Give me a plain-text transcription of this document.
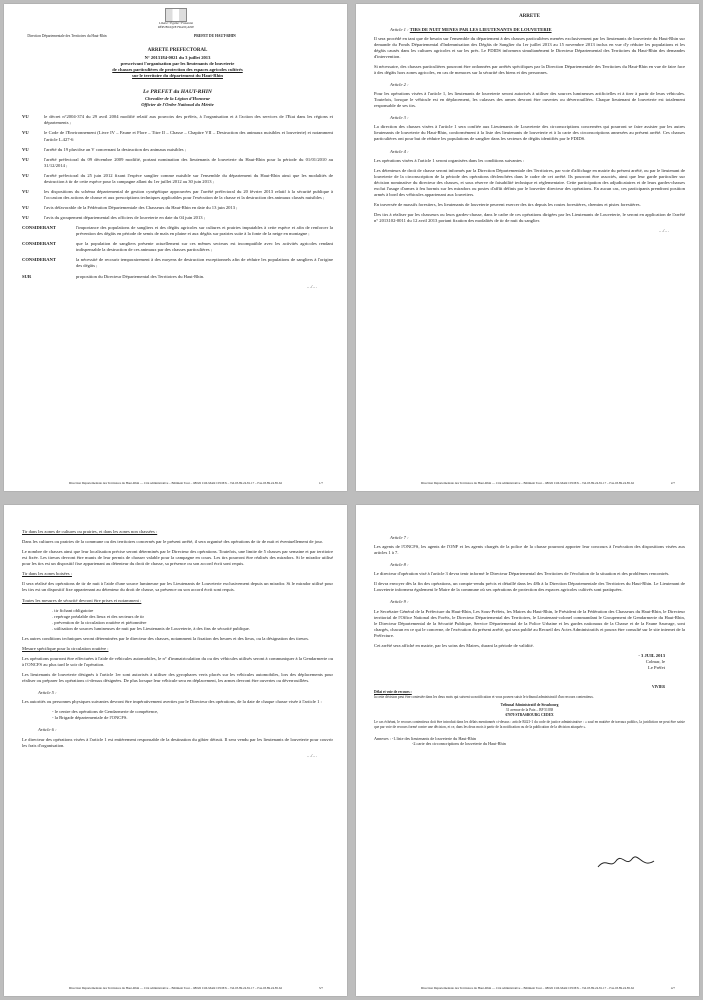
Liberté • Égalité • Fraternité
RÉPUBLIQUE FRANÇAISE
PREFET DU HAUT-RHIN
Direction Départementale des Territoires du Haut-Rhin
ARRETE PREFECTORAL
N° 2013184-0021 du 3 juillet 2013
prescrivant l'organisation par les lieutenants de louveterie
de chasses particulières de protection des espaces agricoles cultivés
sur le territoire du département du Haut-Rhin
Le PREFET du HAUT-RHIN
Chevalier de la Légion d'Honneur
Officier de l'Ordre National du Mérite
VU	le décret n°2004-374 du 29 avril 2004 modifié relatif aux pouvoirs des préfets, à l'organisation et à l'action des services de l'Etat dans les régions et départements ;
VU	le Code de l'Environnement (Livre IV – Faune et Flore – Titre II – Chasse – Chapitre VII – Destruction des animaux nuisibles et louveterie) et notamment l'article L.427-6
VU	l'arrêté du 19 pluviôse an V concernant la destruction des animaux nuisibles ;
VU	l'arrêté préfectoral du 09 décembre 2009 modifié, portant nomination des lieutenants de louveterie du Haut-Rhin pour la période du 01/01/2010 au 31/12/2014 ;
VU	l'arrêté préfectoral du 25 juin 2012 fixant l'espèce sanglier comme nuisible sur l'ensemble du département du Haut-Rhin ainsi que les modalités de destruction à tir de cette espèce pour la campagne allant du 1er juillet 2012 au 30 juin 2013 ;
VU	les dispositions du schéma départemental de gestion cynégétique approuvées par l'arrêté préfectoral du 20 février 2013 relatif à la sécurité publique à l'occasion des actions de chasse et aux prescriptions techniques applicables pour l'exécution de la chasse et la destruction des animaux classés nuisibles ;
VU	l'avis défavorable de la Fédération Départementale des Chasseurs du Haut-Rhin en date du 13 juin 2013 ;
VU	l'avis du groupement départemental des officiers de louveterie en date du 04 juin 2013 ;
CONSIDERANT	l'importance des populations de sangliers et des dégâts agricoles sur cultures et prairies imputables à cette espèce et afin de renforcer la prévention des dégâts en période de semis de maïs en plaine et aux dégâts sur prairies suite à la fonte de la neige en montagne ;
CONSIDERANT	que la population de sangliers présente actuellement sur ces mêmes secteurs est incompatible avec les activités agricoles rendant indispensable la destruction de ces animaux par des chasses particulières ;
CONSIDERANT	la nécessité de recourir temporairement à des moyens de destruction exceptionnels afin de réduire les populations de sangliers à l'origine des dégâts ;
SUR	proposition du Directeur Départemental des Territoires du Haut-Rhin.
…/…
Direction Départementale des Territoires du Haut-Rhin — Cité administrative – Bâtiment Tour – 68026 COLMAR CEDEX – Tél.03.89.24.81.17 – Fax.03.89.24.85.62	1/7
ARRETE
Article 1 : TIRS DE NUIT MENES PAR LES LIEUTENANTS DE LOUVETERIE

Il sera procédé en tant que de besoin sur l'ensemble du département à des chasses particulières menées exclusivement par les lieutenants de louveterie du Haut-Rhin sur demande du Fonds Départemental d'Indemnisation des Dégâts de Sanglier du 1er juillet 2013 au 15 novembre 2013 inclus en vue d'y réduire les populations et les dégâts causés dans les cultures agricoles et sur les prés. Le FDIDS informera simultanément le Directeur Départemental des Territoires du Haut-Rhin des demandes d'intervention.

Si nécessaire, des chasses particulières pourront être ordonnées par arrêtés spécifiques par la Direction Départementale des Territoires du Haut-Rhin en vue de faire face à des dégâts hors zones agricoles, en cas de menaces sur la sécurité des biens et des personnes.

Article 2 :

Pour les opérations visées à l'article 1, les lieutenants de louveterie seront autorisés à utiliser des sources lumineuses artificielles et à tirer à partir de leurs véhicules. Toutefois, lorsque le véhicule est en déplacement, les culasses des armes devront être ouvertes ou déverrouillées. Chaque lieutenant de louveterie est totalement responsable de ses tirs.

Article 3 :

La direction des chasses visées à l'article 1 sera confiée aux Lieutenants de Louveterie des circonscriptions concernées qui pourront se faire assister par les autres lieutenants de louveterie du Haut-Rhin, conformément à la liste des lieutenants de louveterie et à la carte des circonscriptions annexées au présent arrêté. Ces chasses particulières ont pour but de réduire les populations de sanglier dans les secteurs de dégâts identifiés par le FDIDS.

Article 4 :

Les opérations visées à l'article 1 seront organisées dans les conditions suivantes :

Les détenteurs de droit de chasse seront informés par la Direction Départementale des Territoires, par voie d'affichage en mairie du présent arrêté, ou par le lieutenant de louveterie de la circonscription de la période des opérations déclenchées dans le cadre de cet arrêté. Ils pourront être associés, ainsi que leur garde particulier sur décision nominative du directeur des chasses, et sous réserve de faisabilité technique et réglementaire. Cette participation des adjudicataires et de leurs gardes-chasses exclut l'usage d'armes à feu hormis sur les miradors ou postes d'affût définis par le louvetier directeur des opérations. En aucun cas, ces participants prendront position armés à bord des véhicules appartenant aux louvetiers.

En traversée de massifs forestiers, les lieutenants de louveterie peuvent exercer des tirs depuis les routes forestières, chemins et pistes forestières.

Des tirs à réaliser par les chasseurs ou leurs gardes-chasse, dans le cadre de ces opérations dirigées par les Lieutenants de Louveterie, le seront en application de l'arrêté n° 2013102-0011 du 12 avril 2013 portant fixation des modalités de tir de nuit du sanglier.

…/…
Direction Départementale des Territoires du Haut-Rhin — Cité administrative – Bâtiment Tour – 68026 COLMAR CEDEX – Tél.03.89.24.81.17 – Fax.03.89.24.85.62	2/7

Tir dans les zones de cultures ou prairies, et dans les zones non chassées :

Dans les cultures ou prairies de la commune ou des territoires concernés par le présent arrêté, il sera organisé des opérations de tir de nuit et éventuellement de jour.

Le nombre de chasses ainsi que leur localisation précise seront déterminés par le Directeur des opérations. Toutefois, une limite de 5 chasses par semaine et par territoire est fixée. Les tireurs devront être munis de leur permis de chasser valable pour la campagne en cours. Les tirs pourront être réalisés des miradors. Si le mirador utilisé pour les tirs est un dispositif fixe appartenant au détenteur du droit de chasse, sa présence ou son accord écrit sont requis.

Tir dans les zones boisées :

Il sera réalisé des opérations de tir de nuit à l'aide d'une source lumineuse par les Lieutenants de Louveterie exclusivement depuis un mirador. Si le mirador utilisé pour les tirs est un dispositif fixe appartenant au détenteur du droit de chasse, sa présence ou son accord écrit sont requis.

Toutes les mesures de sécurité devront être prises et notamment :

. tir fichant obligatoire
. repérage préalable des lieux et des secteurs de tir
. prévention de la circulation routière et piétonnière
. utilisation de sources lumineuses de nuit par les Lieutenants de Louveterie, à des fins de sécurité publique.

Les autres conditions techniques seront déterminées par le directeur des chasses, notamment la fixation des heures et des lieux, ou la désignation des tireurs.

Mesure spécifique pour la circulation routière :

Les opérations pourront être effectuées à l'aide de véhicules automobiles, le n° d'immatriculation du ou des véhicules utilisés seront à communiquer à la Gendarmerie ou à l'ONCFS au plus tard le soir de l'opération.

Les lieutenants de louveterie désignés à l'article 1er sont autorisés à utiliser des gyrophares verts placés sur les véhicules automobiles, lors des déplacements pour réaliser ou préparer les opérations ci-dessus désignées. De plus lorsque leur véhicule sera en déplacement, les armes devront être ouvertes ou déverrouillées.

Article 5 :

Les autorités ou personnes physiques suivantes devront être impérativement averties par le Directeur des opérations, de la date de chaque chasse visée à l'article 1 :

- le centre des opérations de Gendarmerie de compétence,
- la Brigade départementale de l'ONCFS.
Article 6 :

Le directeur des opérations visées à l'article 1 est entièrement responsable de la destination du gibier détruit. Il sera vendu par les lieutenants de louveterie pour couvrir les frais d'organisation.

…/…
Direction Départementale des Territoires du Haut-Rhin — Cité administrative – Bâtiment Tour – 68026 COLMAR CEDEX – Tél.03.89.24.81.17 – Fax.03.89.24.85.62	3/7
Article 7 :

Les agents de l'ONCFS, les agents de l'ONF et les agents chargés de la police de la chasse pourront apporter leur concours à l'exécution des dispositions visées aux articles 1 à 7.

Article 8 :

Le directeur d'opération visé à l'article 3 devra tenir informé le Directeur Départemental des Territoires de l'évolution de la situation et des problèmes rencontrés.

Il devra envoyer dès la fin des opérations, un compte-rendu précis et détaillé dans les 48h à la Direction Départementale des Territoires du Haut-Rhin. Le Lieutenant de Louveterie informera également le Maire de la commune où ses opérations de protection des espaces agricoles cultivés sont pratiquées.

Article 9 :

Le Secrétaire Général de la Préfecture du Haut-Rhin, Les Sous-Préfets, les Maires du Haut-Rhin, le Président de la Fédération des Chasseurs du Haut-Rhin, le Directeur territorial de l'Office National des Forêts, le Directeur Départemental des Territoires, le Lieutenant-colonel commandant le Groupement de Gendarmerie du Haut-Rhin, le Directeur Départemental de la Sécurité Publique, Service Départemental de la Police Urbaine et les gardes nationaux de la Chasse et de la Faune Sauvage, sont chargés, chacun en ce qui le concerne, de l'exécution du présent arrêté, qui sera publié au Recueil des Actes Administratifs et pourra être consulté sur le site internet de la Préfecture.

Cet arrêté sera affiché en mairie, par les soins des Maires, durant la période de validité.

- 3 JUIL 2013
Colmar, le
Le Préfet
VIVIER
Délai et voie de recours :

la cette décision peut être contestée dans les deux mois qui suivent sa notification et vous pouvez saisir le tribunal administratif d'un recours contentieux.

Tribunal Administratif de Strasbourg
31 avenue de la Paix – BP 51038
67070 STRASBOURG CEDEX

Le cas échéant, le recours contentieux doit être introduit dans les délais mentionnés ci-dessus : article R421-1 du code de justice administrative : « sauf en matière de travaux publics, la juridiction ne peut être saisie que par voie de recours formé contre une décision, et ce, dans les deux mois à partir de la notification ou de la publication de la décision attaquée ».

Annexes : -1.liste des lieutenants de louveterie du Haut-Rhin
-2.carte des circonscriptions de louveterie du Haut-Rhin
Direction Départementale des Territoires du Haut-Rhin — Cité administrative – Bâtiment Tour – 68026 COLMAR CEDEX – Tél.03.89.24.81.17 – Fax.03.89.24.85.62	4/7
